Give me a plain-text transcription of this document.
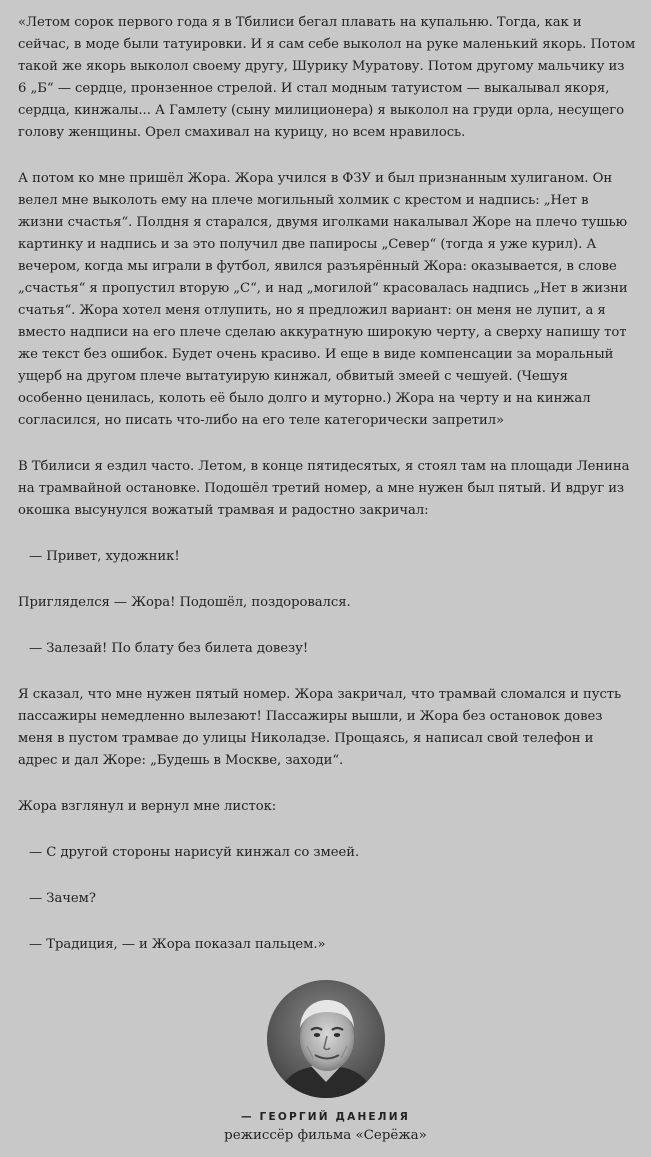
«Летом сорок первого года я в Тбилиси бегал плавать на купальню. Тогда, как и
сейчас, в моде были татуировки. И я сам себе выколол на руке маленький якорь. Потом
такой же якорь выколол своему другу, Шурику Муратову. Потом другому мальчику из
6 „Б“ — сердце, пронзенное стрелой. И стал модным татуистом — выкалывал якоря,
сердца, кинжалы... А Гамлету (сыну милиционера) я выколол на груди орла, несущего
голову женщины. Орел смахивал на курицу, но всем нравилось.

А потом ко мне пришёл Жора. Жора учился в ФЗУ и был признанным хулиганом. Он
велел мне выколоть ему на плече могильный холмик с крестом и надпись: „Нет в
жизни счастья“. Полдня я старался, двумя иголками накалывал Жоре на плечо тушью
картинку и надпись и за это получил две папиросы „Север“ (тогда я уже курил). А
вечером, когда мы играли в футбол, явился разъярённый Жора: оказывается, в слове
„счастья“ я пропустил вторую „С“, и над „могилой“ красовалась надпись „Нет в жизни
счатья“. Жора хотел меня отлупить, но я предложил вариант: он меня не лупит, а я
вместо надписи на его плече сделаю аккуратную широкую черту, а сверху напишу тот
же текст без ошибок. Будет очень красиво. И еще в виде компенсации за моральный
ущерб на другом плече вытатуирую кинжал, обвитый змеей с чешуей. (Чешуя
особенно ценилась, колоть её было долго и муторно.) Жора на черту и на кинжал
согласился, но писать что-либо на его теле категорически запретил»

В Тбилиси я ездил часто. Летом, в конце пятидесятых, я стоял там на площади Ленина
на трамвайной остановке. Подошёл третий номер, а мне нужен был пятый. И вдруг из
окошка высунулся вожатый трамвая и радостно закричал:

— Привет, художник!

Пригляделся — Жора! Подошёл, поздоровался.

— Залезай! По блату без билета довезу!

Я сказал, что мне нужен пятый номер. Жора закричал, что трамвай сломался и пусть
пассажиры немедленно вылезают! Пассажиры вышли, и Жора без остановок довез
меня в пустом трамвае до улицы Николадзе. Прощаясь, я написал свой телефон и
адрес и дал Жоре: „Будешь в Москве, заходи“.

Жора взглянул и вернул мне листок:

— С другой стороны нарисуй кинжал со змеей.

— Зачем?

— Традиция, — и Жора показал пальцем.»

— ГЕОРГИЙ ДАНЕЛИЯ
режиссёр фильма «Серёжа»
